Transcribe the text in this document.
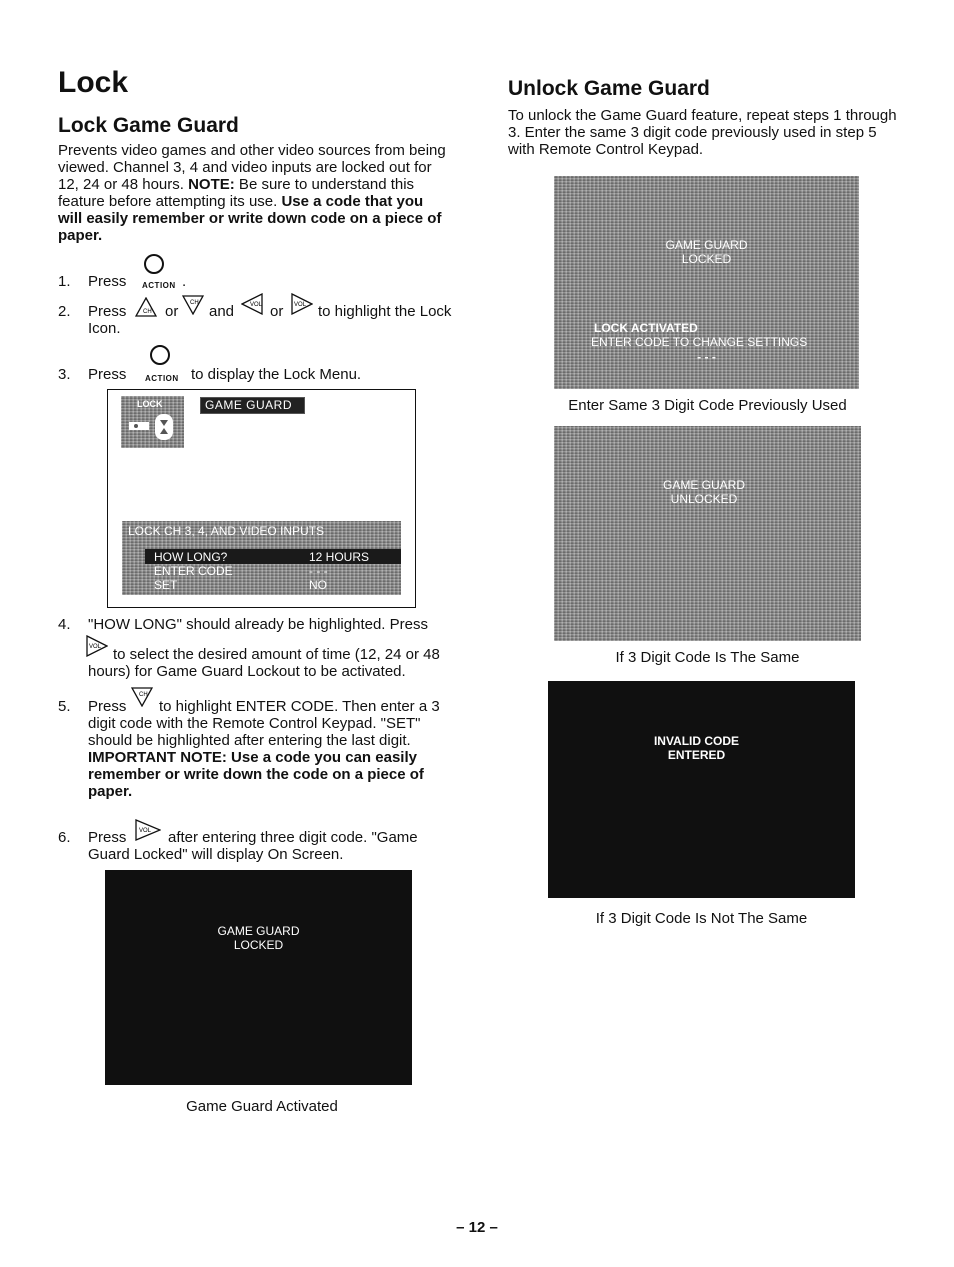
Lock
Lock Game Guard
Prevents video games and other video sources from being
viewed. Channel 3, 4 and video inputs are locked out for
12, 24 or 48 hours. NOTE: Be sure to understand this
feature before attempting its use. Use a code that you
will easily remember or write down code on a piece of
paper.
1. Press ACTION .
2. Press	CH or CH and	VOL or VOL to highlight the Lock
Icon.
3. Press ACTION to display the Lock Menu.
LOCK	GAME GUARD
LOCK CH 3, 4, AND VIDEO INPUTS
HOW LONG?	12 HOURS
ENTER CODE	- - -
SET	NO
4. "HOW LONG" should already be highlighted. Press
VOL to select the desired amount of time (12, 24 or 48
hours) for Game Guard Lockout to be activated.
5. Press
CH
to highlight ENTER CODE. Then enter a 3
digit code with the Remote Control Keypad. "SET"
should be highlighted after entering the last digit.
IMPORTANT NOTE: Use a code you can easily
remember or write down the code on a piece of
paper.
6. Press VOL after entering three digit code. "Game
Guard Locked" will display On Screen.
GAME GUARD
LOCKED
Game Guard Activated
Unlock Game Guard
To unlock the Game Guard feature, repeat steps 1 through
3. Enter the same 3 digit code previously used in step 5
with Remote Control Keypad.
GAME GUARD
LOCKED
LOCK ACTIVATED
ENTER CODE TO CHANGE SETTINGS
- - -
Enter Same 3 Digit Code Previously Used
GAME GUARD
UNLOCKED
If 3 Digit Code Is The Same
INVALID CODE
ENTERED
If 3 Digit Code Is Not The Same
– 12 –
